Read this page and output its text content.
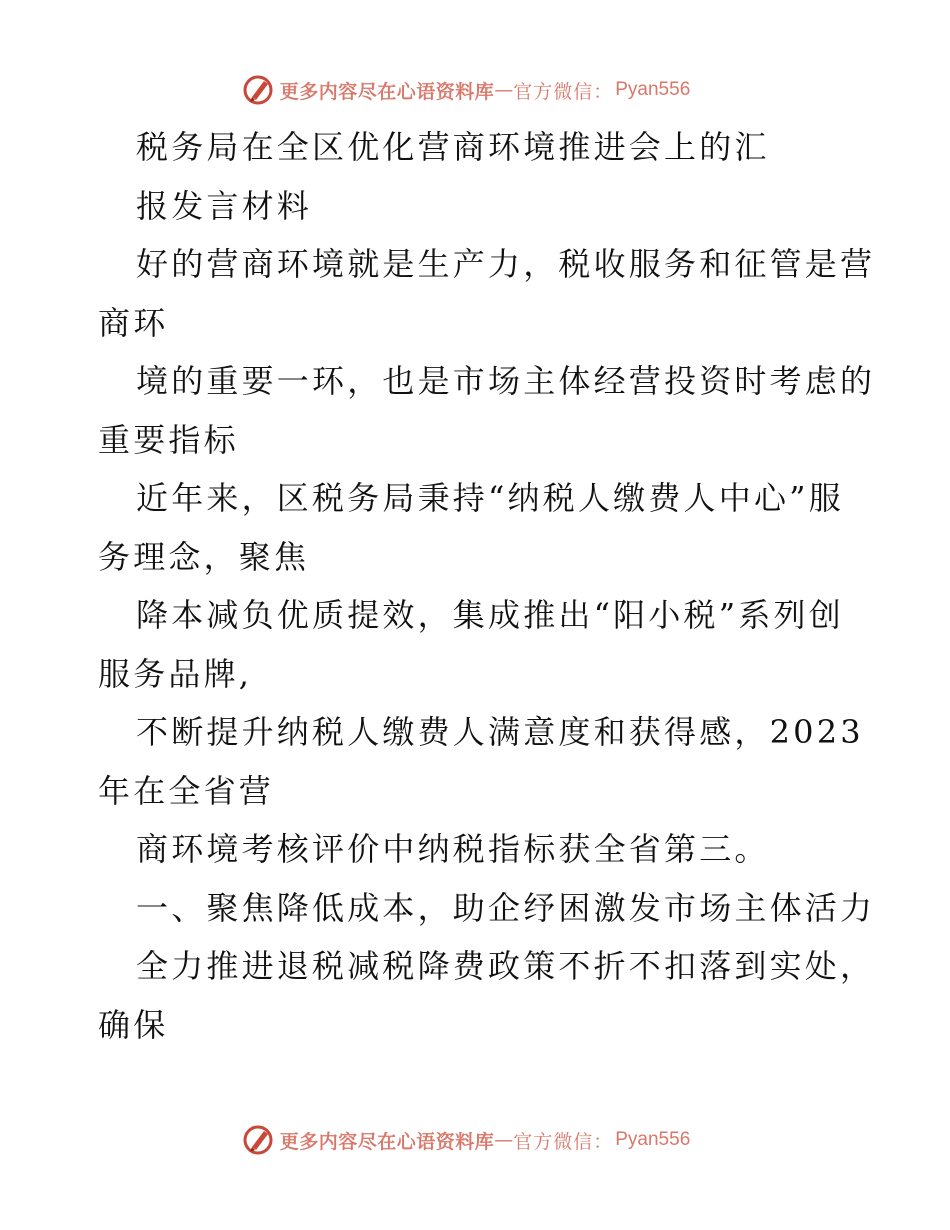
更多内容尽在心语资料库 — 官方微信： Pyan556

税务局在全区优化营商环境推进会上的汇

报发言材料

好的营商环境就是生产力，税收服务和征管是营

商环

境的重要一环，也是市场主体经营投资时考虑的

重要指标

近年来，区税务局秉持“纳税人缴费人中心”服

务理念，聚焦

降本减负优质提效，集成推出“阳小税”系列创

服务品牌,

不断提升纳税人缴费人满意度和获得感，2023

年在全省营

商环境考核评价中纳税指标获全省第三。

一、聚焦降低成本，助企纾困激发市场主体活力

全力推进退税减税降费政策不折不扣落到实处，

确保

更多内容尽在心语资料库 — 官方微信： Pyan556
